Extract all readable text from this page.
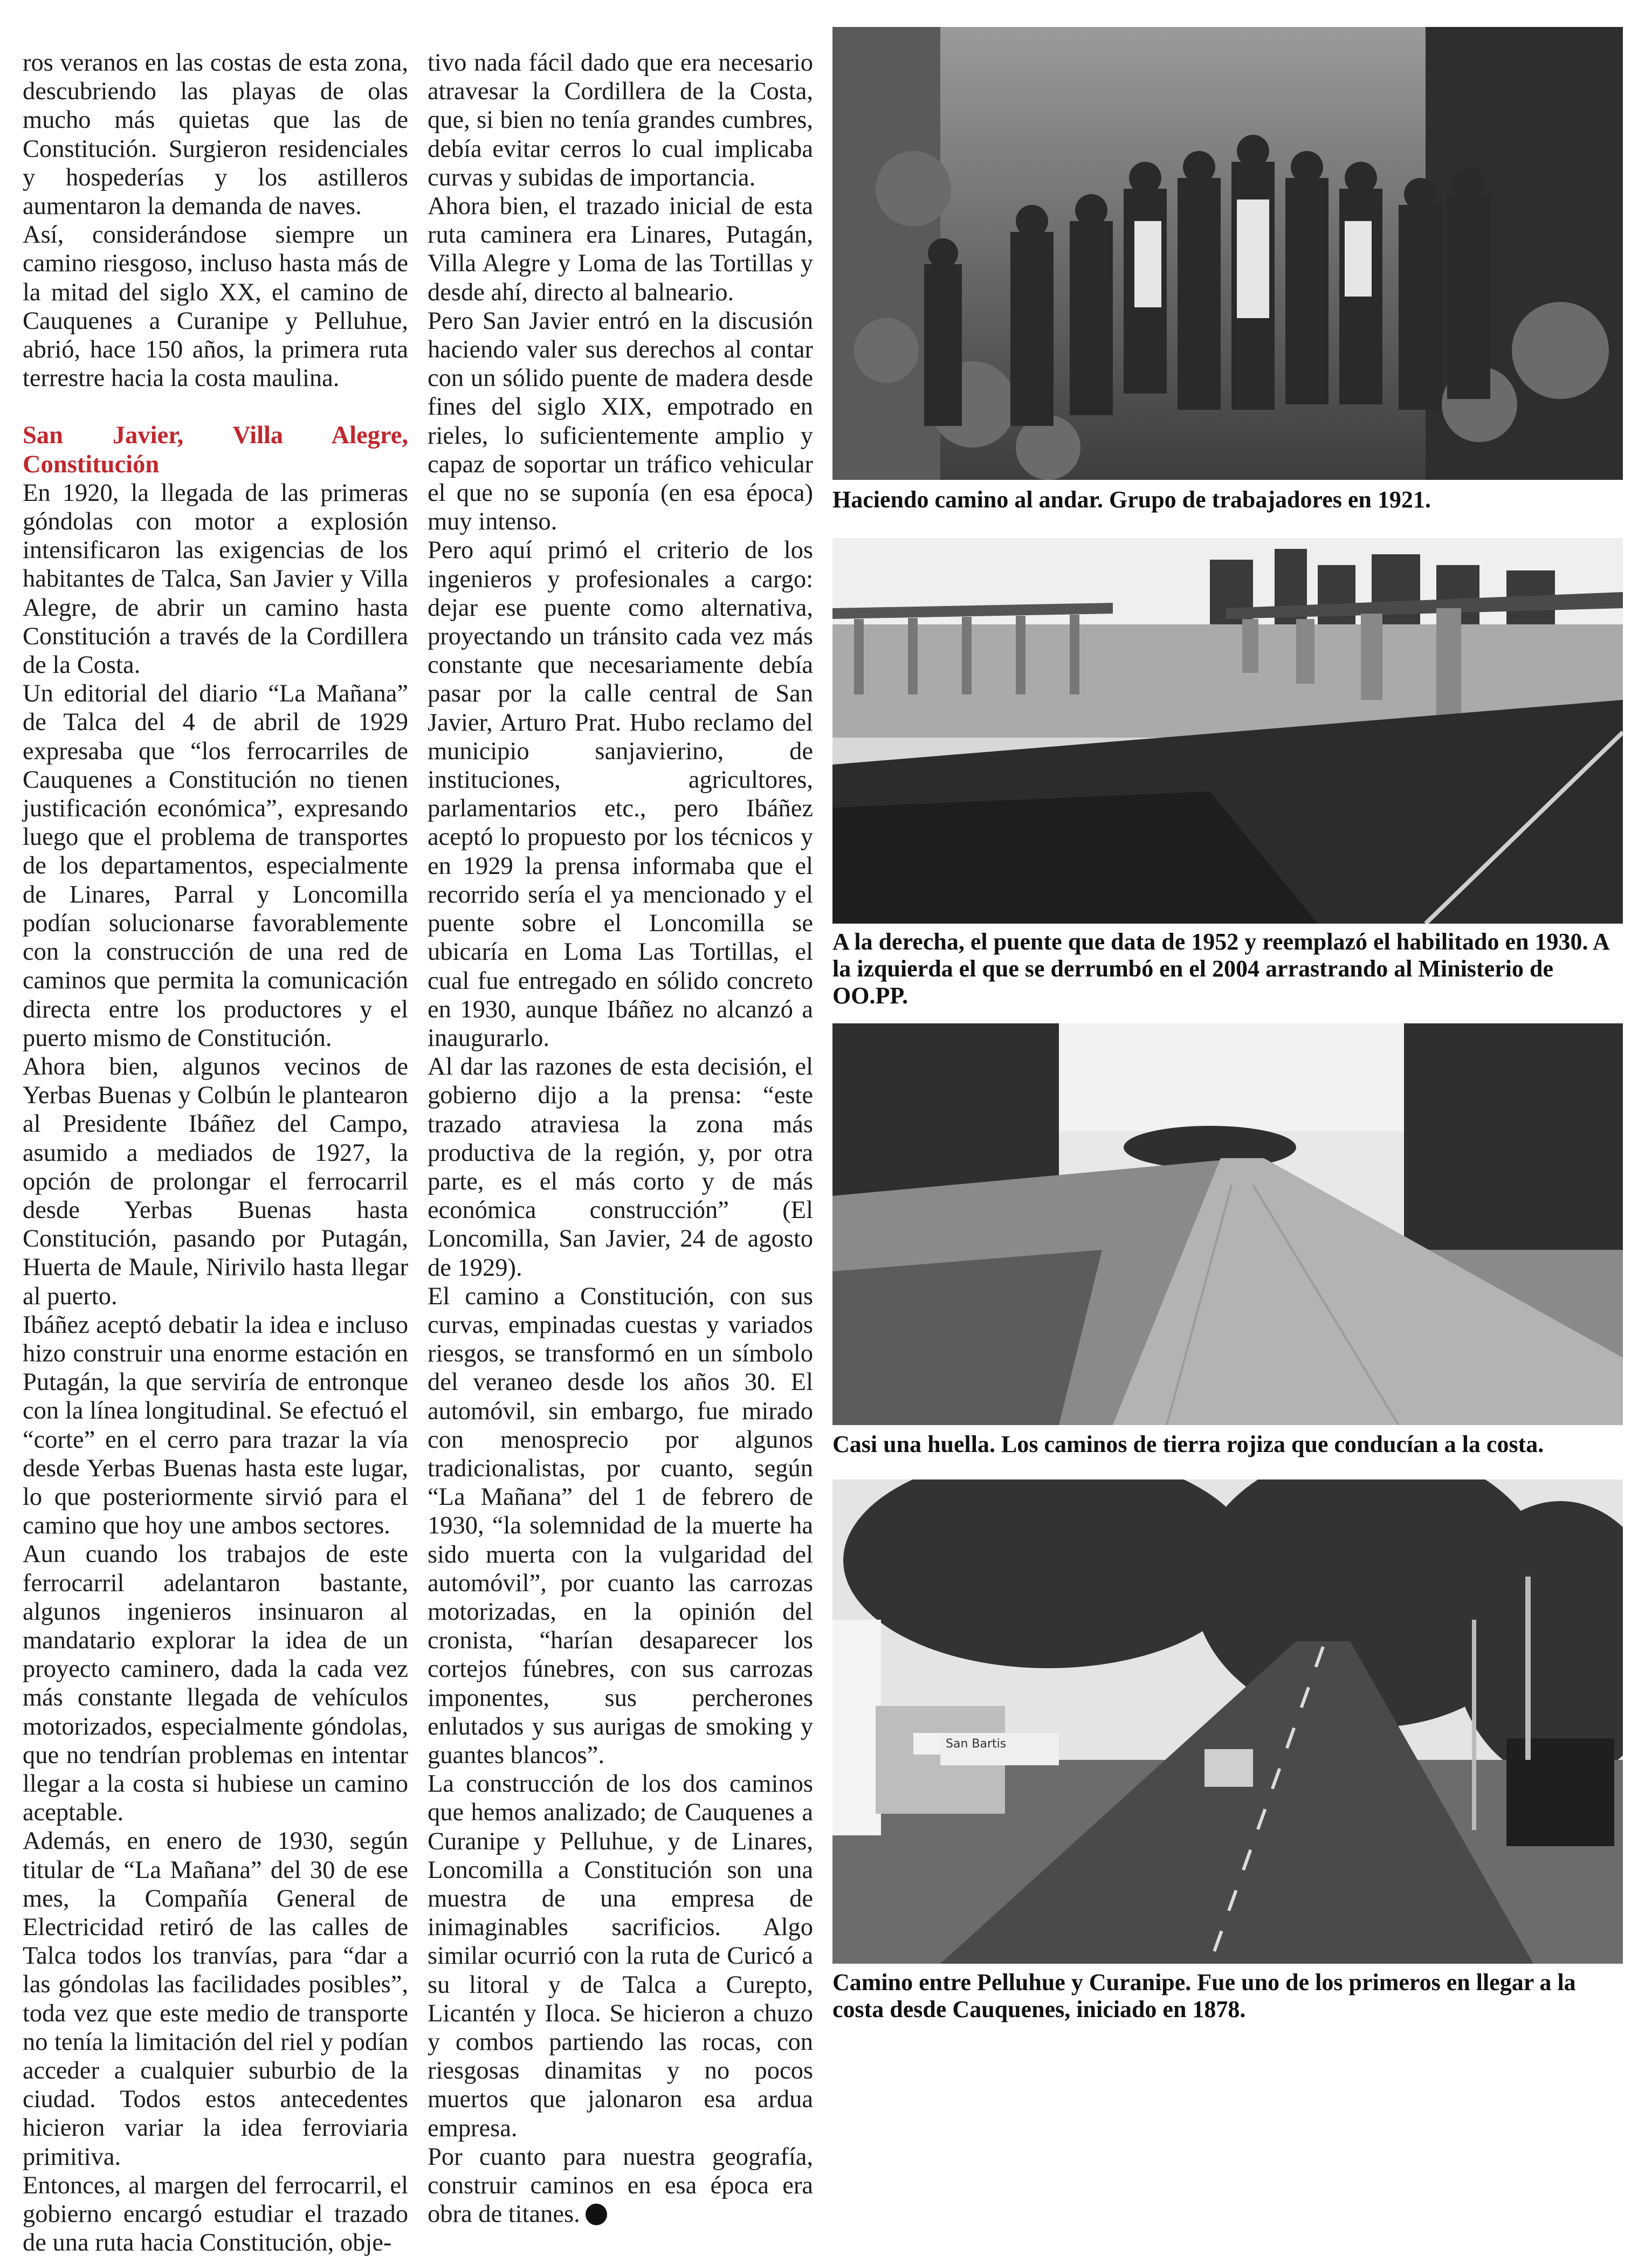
ros veranos en las costas de esta zona, descubriendo las playas de olas mucho más quietas que las de Constitución. Surgieron residenciales y hospederías y los astilleros aumentaron la demanda de naves.

Así, considerándose siempre un camino riesgoso, incluso hasta más de la mitad del siglo XX, el camino de Cauquenes a Curanipe y Pelluhue, abrió, hace 150 años, la primera ruta terrestre hacia la costa maulina.

San Javier, Villa Alegre, Constitución

En 1920, la llegada de las primeras góndolas con motor a explosión intensificaron las exigencias de los habitantes de Talca, San Javier y Villa Alegre, de abrir un camino hasta Constitución a través de la Cordillera de la Costa.

Un editorial del diario “La Mañana” de Talca del 4 de abril de 1929 expresaba que “los ferrocarriles de Cauquenes a Constitución no tienen justificación económica”, expresando luego que el problema de transportes de los departamentos, especialmente de Linares, Parral y Loncomilla podían solucionarse favorablemente con la construcción de una red de caminos que permita la comunicación directa entre los productores y el puerto mismo de Constitución.

Ahora bien, algunos vecinos de Yerbas Buenas y Colbún le plantearon al Presidente Ibáñez del Campo, asumido a mediados de 1927, la opción de prolongar el ferrocarril desde Yerbas Buenas hasta Constitución, pasando por Putagán, Huerta de Maule, Nirivilo hasta llegar al puerto.

Ibáñez aceptó debatir la idea e incluso hizo construir una enorme estación en Putagán, la que serviría de entronque con la línea longitudinal. Se efectuó el “corte” en el cerro para trazar la vía desde Yerbas Buenas hasta este lugar, lo que posteriormente sirvió para el camino que hoy une ambos sectores.

Aun cuando los trabajos de este ferrocarril adelantaron bastante, algunos ingenieros insinuaron al mandatario explorar la idea de un proyecto caminero, dada la cada vez más constante llegada de vehículos motorizados, especialmente góndolas, que no tendrían problemas en intentar llegar a la costa si hubiese un camino aceptable.

Además, en enero de 1930, según titular de “La Mañana” del 30 de ese mes, la Compañía General de Electricidad retiró de las calles de Talca todos los tranvías, para “dar a las góndolas las facilidades posibles”, toda vez que este medio de transporte no tenía la limitación del riel y podían acceder a cualquier suburbio de la ciudad. Todos estos antecedentes hicieron variar la idea ferroviaria primitiva.

Entonces, al margen del ferrocarril, el gobierno encargó estudiar el trazado de una ruta hacia Constitución, obje-

tivo nada fácil dado que era necesario atravesar la Cordillera de la Costa, que, si bien no tenía grandes cumbres, debía evitar cerros lo cual implicaba curvas y subidas de importancia.

Ahora bien, el trazado inicial de esta ruta caminera era Linares, Putagán, Villa Alegre y Loma de las Tortillas y desde ahí, directo al balneario.

Pero San Javier entró en la discusión haciendo valer sus derechos al contar con un sólido puente de madera desde fines del siglo XIX, empotrado en rieles, lo suficientemente amplio y capaz de soportar un tráfico vehicular el que no se suponía (en esa época) muy intenso.

Pero aquí primó el criterio de los ingenieros y profesionales a cargo: dejar ese puente como alternativa, proyectando un tránsito cada vez más constante que necesariamente debía pasar por la calle central de San Javier, Arturo Prat. Hubo reclamo del municipio sanjavierino, de instituciones, agricultores, parlamentarios etc., pero Ibáñez aceptó lo propuesto por los técnicos y en 1929 la prensa informaba que el recorrido sería el ya mencionado y el puente sobre el Loncomilla se ubicaría en Loma Las Tortillas, el cual fue entregado en sólido concreto en 1930, aunque Ibáñez no alcanzó a inaugurarlo.

Al dar las razones de esta decisión, el gobierno dijo a la prensa: “este trazado atraviesa la zona más productiva de la región, y, por otra parte, es el más corto y de más económica construcción” (El Loncomilla, San Javier, 24 de agosto de 1929).

El camino a Constitución, con sus curvas, empinadas cuestas y variados riesgos, se transformó en un símbolo del veraneo desde los años 30. El automóvil, sin embargo, fue mirado con menosprecio por algunos tradicionalistas, por cuanto, según “La Mañana” del 1 de febrero de 1930, “la solemnidad de la muerte ha sido muerta con la vulgaridad del automóvil”, por cuanto las carrozas motorizadas, en la opinión del cronista, “harían desaparecer los cortejos fúnebres, con sus carrozas imponentes, sus percherones enlutados y sus aurigas de smoking y guantes blancos”.

La construcción de los dos caminos que hemos analizado; de Cauquenes a Curanipe y Pelluhue, y de Linares, Loncomilla a Constitución son una muestra de una empresa de inimaginables sacrificios. Algo similar ocurrió con la ruta de Curicó a su litoral y de Talca a Curepto, Licantén y Iloca. Se hicieron a chuzo y combos partiendo las rocas, con riesgosas dinamitas y no pocos muertos que jalonaron esa ardua empresa.

Por cuanto para nuestra geografía, construir caminos en esa época era obra de titanes.

Haciendo camino al andar. Grupo de trabajadores en 1921.
A la derecha, el puente que data de 1952 y reemplazó el habilitado en 1930. A la izquierda el que se derrumbó en el 2004 arrastrando al Ministerio de OO.PP.
Casi una huella. Los caminos de tierra rojiza que conducían a la costa.
San Bartis
Camino entre Pelluhue y Curanipe. Fue uno de los primeros en llegar a la costa desde Cauquenes, iniciado en 1878.
